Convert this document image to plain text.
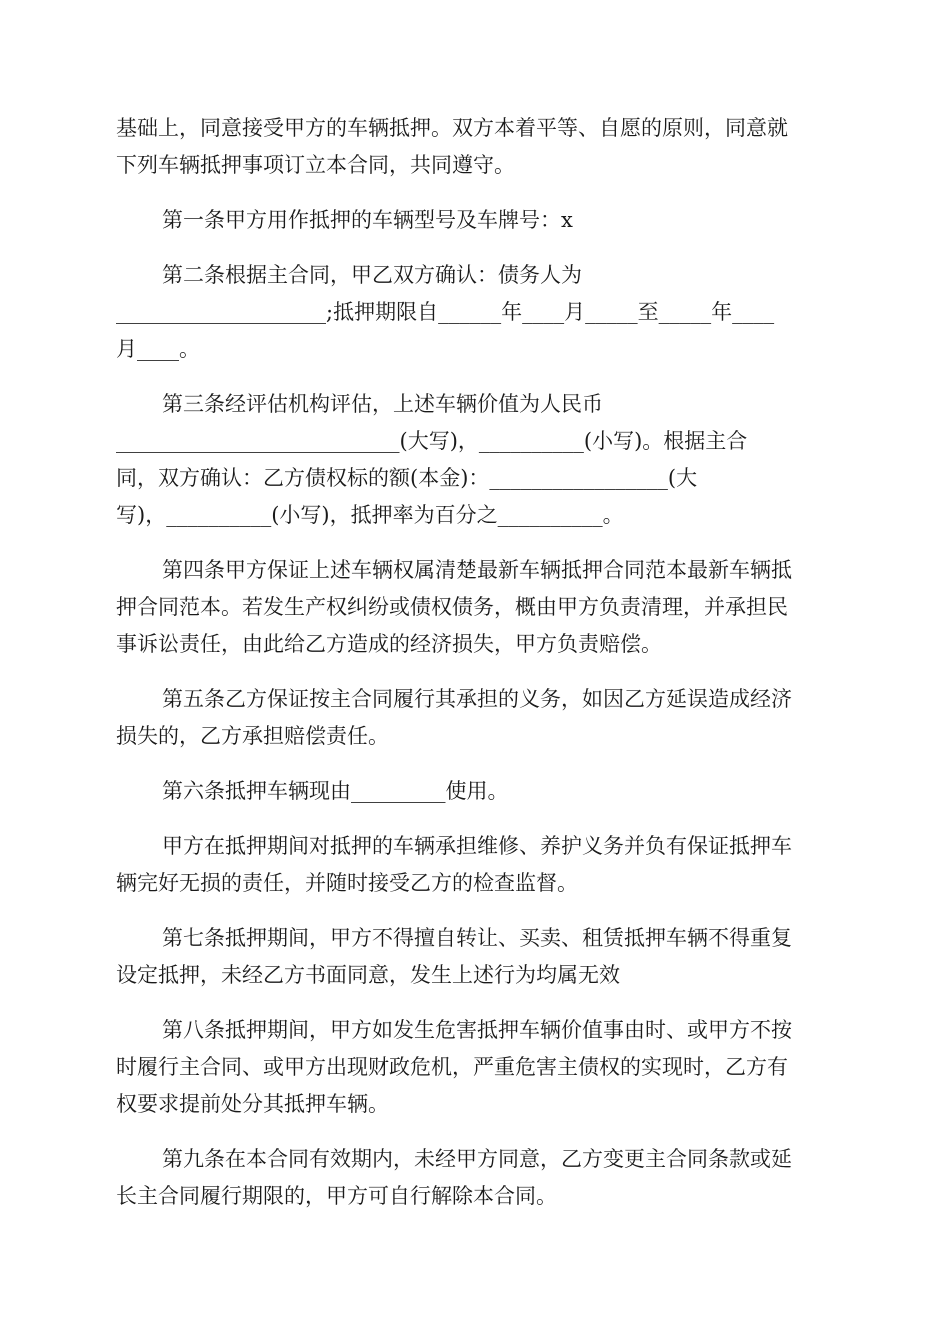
基础上，同意接受甲方的车辆抵押。双方本着平等、自愿的原则，同意就
下列车辆抵押事项订立本合同，共同遵守。

第一条甲方用作抵押的车辆型号及车牌号：x

第二条根据主合同，甲乙双方确认：债务人为
____________________;抵押期限自______年____月_____至_____年____
月____。

第三条经评估机构评估，上述车辆价值为人民币
___________________________(大写)，__________(小写)。根据主合
同，双方确认：乙方债权标的额(本金)：_________________(大
写)，__________(小写)，抵押率为百分之__________。

第四条甲方保证上述车辆权属清楚最新车辆抵押合同范本最新车辆抵
押合同范本。若发生产权纠纷或债权债务，概由甲方负责清理，并承担民
事诉讼责任，由此给乙方造成的经济损失，甲方负责赔偿。

第五条乙方保证按主合同履行其承担的义务，如因乙方延误造成经济
损失的，乙方承担赔偿责任。

第六条抵押车辆现由_________使用。

甲方在抵押期间对抵押的车辆承担维修、养护义务并负有保证抵押车
辆完好无损的责任，并随时接受乙方的检查监督。

第七条抵押期间，甲方不得擅自转让、买卖、租赁抵押车辆不得重复
设定抵押，未经乙方书面同意，发生上述行为均属无效

第八条抵押期间，甲方如发生危害抵押车辆价值事由时、或甲方不按
时履行主合同、或甲方出现财政危机，严重危害主债权的实现时，乙方有
权要求提前处分其抵押车辆。

第九条在本合同有效期内，未经甲方同意，乙方变更主合同条款或延
长主合同履行期限的，甲方可自行解除本合同。
